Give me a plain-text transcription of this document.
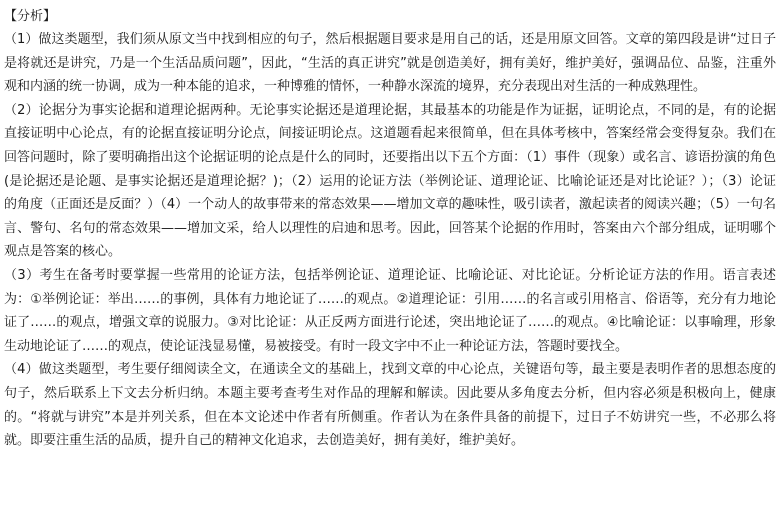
【分析】

（1）做这类题型，我们须从原文当中找到相应的句子，然后根据题目要求是用自己的话，还是用原文回答。文章的第四段是讲“过日子是将就还是讲究，乃是一个生活品质问题”，因此，“生活的真正讲究”就是创造美好，拥有美好，维护美好，强调品位、品鉴，注重外观和内涵的统一协调，成为一种本能的追求，一种博雅的情怀，一种静水深流的境界，充分表现出对生活的一种成熟理性。

（2）论据分为事实论据和道理论据两种。无论事实论据还是道理论据，其最基本的功能是作为证据，证明论点，不同的是，有的论据直接证明中心论点，有的论据直接证明分论点，间接证明论点。这道题看起来很简单，但在具体考核中，答案经常会变得复杂。我们在回答问题时，除了要明确指出这个论据证明的论点是什么的同时，还要指出以下五个方面：（1）事件（现象）或名言、谚语扮演的角色(是论据还是论题、是事实论据还是道理论据？)；（2）运用的论证方法（举例论证、道理论证、比喻论证还是对比论证？）；（3）论证的角度（正面还是反面？）（4）一个动人的故事带来的常态效果——增加文章的趣味性，吸引读者，激起读者的阅读兴趣；（5）一句名言、警句、名句的常态效果——增加文采，给人以理性的启迪和思考。因此，回答某个论据的作用时，答案由六个部分组成，证明哪个观点是答案的核心。

（3）考生在备考时要掌握一些常用的论证方法，包括举例论证、道理论证、比喻论证、对比论证。分析论证方法的作用。语言表述为：①举例论证：举出……的事例，具体有力地论证了……的观点。②道理论证：引用……的名言或引用格言、俗语等，充分有力地论证了……的观点，增强文章的说服力。③对比论证：从正反两方面进行论述，突出地论证了……的观点。④比喻论证：以事喻理，形象生动地论证了……的观点，使论证浅显易懂，易被接受。有时一段文字中不止一种论证方法，答题时要找全。

（4）做这类题型，考生要仔细阅读全文，在通读全文的基础上，找到文章的中心论点，关键语句等，最主要是表明作者的思想态度的句子，然后联系上下文去分析归纳。本题主要考查考生对作品的理解和解读。因此要从多角度去分析，但内容必须是积极向上，健康的。“将就与讲究”本是并列关系，但在本文论述中作者有所侧重。作者认为在条件具备的前提下，过日子不妨讲究一些，不必那么将就。即要注重生活的品质，提升自己的精神文化追求，去创造美好，拥有美好，维护美好。
